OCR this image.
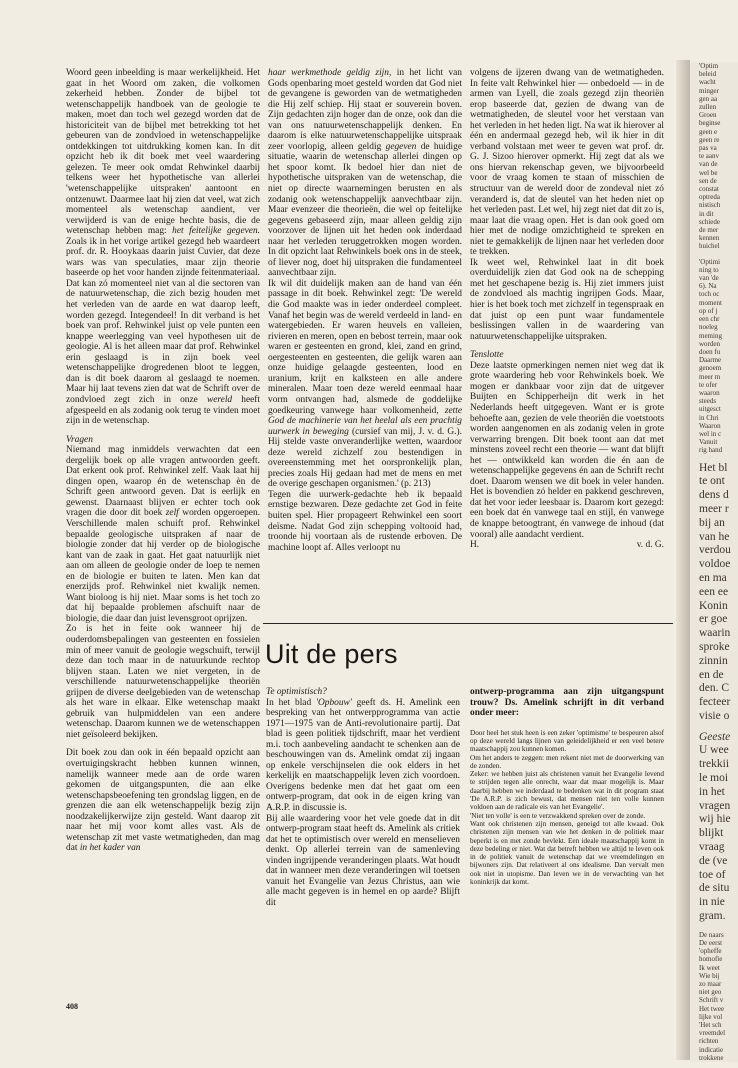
Woord geen inbeelding is maar werkelijkheid. Het gaat in het Woord om zaken, die volkomen zekerheid hebben. Zonder de bijbel tot wetenschappelijk handboek van de geologie te maken, moet dan toch wel gezegd worden dat de historiciteit van de bijbel met betrekking tot het gebeuren van de zondvloed in wetenschappelijke ontdekkingen tot uitdrukking komen kan. In dit opzicht heb ik dit boek met veel waardering gelezen. Te meer ook omdat Rehwinkel daarbij telkens weer het hypothetische van allerlei 'wetenschappelijke uitspraken' aantoont en ontzenuwt. Daarmee laat hij zien dat veel, wat zich momenteel als wetenschap aandient, ver verwijderd is van de enige hechte basis, die de wetenschap hebben mag: het feitelijke gegeven. Zoals ik in het vorige artikel gezegd heb waardeert prof. dr. R. Hooykaas daarin juist Cuvier, dat deze wars was van speculaties, maar zijn theorie baseerde op het voor handen zijnde feitenmateriaal. Dat kan zó momenteel niet van al die sectoren van de natuurwetenschap, die zich bezig houden met het verleden van de aarde en wat daarop leeft, worden gezegd. Integendeel! In dit verband is het boek van prof. Rehwinkel juist op vele punten een knappe weerlegging van veel hypothesen uit de geologie. Al is het alleen maar dat prof. Rehwinkel erin geslaagd is in zijn boek veel wetenschappelijke drogredenen bloot te leggen, dan is dit boek daarom al geslaagd te noemen. Maar hij laat tevens zien dat wat de Schrift over de zondvloed zegt zich in onze wereld heeft afgespeeld en als zodanig ook terug te vinden moet zijn in de wetenschap.

Vragen

Niemand mag inmiddels verwachten dat een dergelijk boek op alle vragen antwoorden geeft. Dat erkent ook prof. Rehwinkel zelf. Vaak laat hij dingen open, waarop én de wetenschap èn de Schrift geen antwoord geven. Dat is eerlijk en gewenst. Daarnaast blijven er echter toch ook vragen die door dit boek zelf worden opgeroepen. Verschillende malen schuift prof. Rehwinkel bepaalde geologische uitspraken af naar de biologie zonder dat hij verder op de biologische kant van de zaak in gaat. Het gaat natuurlijk niet aan om alleen de geologie onder de loep te nemen en de biologie er buiten te laten. Men kan dat enerzijds prof. Rehwinkel niet kwalijk nemen. Want bioloog is hij niet. Maar soms is het toch zo dat hij bepaalde problemen afschuift naar de biologie, die daar dan juist levensgroot oprijzen.

Zo is het in feite ook wanneer hij de ouderdomsbepalingen van gesteenten en fossielen min of meer vanuit de geologie wegschuift, terwijl deze dan toch maar in de natuurkunde rechtop blijven staan. Laten we niet vergeten, in de verschillende natuurwetenschappelijke theoriën grijpen de diverse deelgebieden van de wetenschap als het ware in elkaar. Elke wetenschap maakt gebruik van hulpmiddelen van een andere wetenschap. Daarom kunnen we de wetenschappen niet geïsoleerd bekijken.

Dit boek zou dan ook in één bepaald opzicht aan overtuigingskracht hebben kunnen winnen, namelijk wanneer mede aan de orde waren gekomen de uitgangspunten, die aan elke wetenschapsbeoefening ten grondslag liggen, en de grenzen die aan elk wetenschappelijk bezig zijn noodzakelijkerwijze zijn gesteld. Want daarop zit naar het mij voor komt alles vast. Als de wetenschap zit met vaste wetmatigheden, dan mag dat in het kader van

haar werkmethode geldig zijn, in het licht van Gods openbaring moet gesteld worden dat God niet de gevangene is geworden van de wetmatigheden die Hij zelf schiep. Hij staat er souverein boven. Zijn gedachten zijn hoger dan de onze, ook dan die van ons natuurwetenschappelijk denken. En daarom is elke natuurwetenschappelijke uitspraak zeer voorlopig, alleen geldig gegeven de huidige situatie, waarin de wetenschap allerlei dingen op het spoor komt. Ik bedoel hier dan niet de hypothetische uitspraken van de wetenschap, die niet op directe waarnemingen berusten en als zodanig ook wetenschappelijk aanvechtbaar zijn. Maar evenzeer die theorieën, die wel op feitelijke gegevens gebaseerd zijn, maar alleen geldig zijn voorzover de lijnen uit het heden ook inderdaad naar het verleden teruggetrokken mogen worden. In dit opzicht laat Rehwinkels boek ons in de steek, of liever nog, doet hij uitspraken die fundamenteel aanvechtbaar zijn.

Ik wil dit duidelijk maken aan de hand van één passage in dit boek. Rehwinkel zegt: 'De wereld die God maakte was in ieder onderdeel compleet. Vanaf het begin was de wereld verdeeld in land- en watergebieden. Er waren heuvels en valleien, rivieren en meren, open en bebost terrein, maar ook waren er gesteenten en grond, klei, zand en grind, oergesteenten en gesteenten, die gelijk waren aan onze huidige gelaagde gesteenten, lood en uranium, krijt en kalksteen en alle andere mineralen. Maar toen deze wereld eenmaal haar vorm ontvangen had, alsmede de goddelijke goedkeuring vanwege haar volkomenheid, zette God de machinerie van het heelal als een prachtig uurwerk in beweging (cursief van mij, J. v. d. G.). Hij stelde vaste onveranderlijke wetten, waardoor deze wereld zichzelf zou bestendigen in overeenstemming met het oorspronkelijk plan, precies zoals Hij gedaan had met de mens en met de overige geschapen organismen.' (p. 213)

Tegen die uurwerk-gedachte heb ik bepaald ernstige bezwaren. Deze gedachte zet God in feite buiten spel. Hier propageert Rehwinkel een soort deïsme. Nadat God zijn schepping voltooid had, troonde hij voortaan als de rustende erboven. De machine loopt af. Alles verloopt nu

volgens de ijzeren dwang van de wetmatigheden. In feite valt Rehwinkel hier — onbedoeld — in de armen van Lyell, die zoals gezegd zijn theoriën erop baseerde dat, gezien de dwang van de wetmatigheden, de sleutel voor het verstaan van het verleden in het heden ligt. Na wat ik hierover al één en andermaal gezegd heb, wil ik hier in dit verband volstaan met weer te geven wat prof. dr. G. J. Sizoo hierover opmerkt. Hij zegt dat als we ons hiervan rekenschap geven, we bijvoorbeeld voor de vraag komen te staan of misschien de structuur van de wereld door de zondeval niet zó veranderd is, dat de sleutel van het heden niet op het verleden past. Let wel, hij zegt niet dat dit zo is, maar laat die vraag open. Het is dan ook goed om hier met de nodige omzichtigheid te spreken en niet te gemakkelijk de lijnen naar het verleden door te trekken.

Ik weet wel, Rehwinkel laat in dit boek overduidelijk zien dat God ook na de schepping met het geschapene bezig is. Hij ziet immers juist de zondvloed als machtig ingrijpen Gods. Maar, hier is het boek toch met zichzelf in tegenspraak en dat juist op een punt waar fundamentele beslissingen vallen in de waardering van natuurwetenschappelijke uitspraken.

Tenslotte

Deze laatste opmerkingen nemen niet weg dat ik grote waardering heb voor Rehwinkels boek. We mogen er dankbaar voor zijn dat de uitgever Buijten en Schipperheijn dit werk in het Nederlands heeft uitgegeven. Want er is grote behoefte aan, gezien de vele theoriën die voetstoots worden aangenomen en als zodanig velen in grote verwarring brengen. Dit boek toont aan dat met minstens zoveel recht een theorie — want dat blijft het — ontwikkeld kan worden die én aan de wetenschappelijke gegevens én aan de Schrift recht doet. Daarom wensen we dit boek in veler handen. Het is bovendien zó helder en pakkend geschreven, dat het voor ieder leesbaar is. Daarom kort gezegd: een boek dat én vanwege taal en stijl, én vanwege de knappe betoogtrant, én vanwege de inhoud (dat vooral) alle aandacht verdient.

H.	v. d. G.
Uit de pers

Te optimistisch?

In het blad 'Opbouw' geeft ds. H. Amelink een bespreking van het ontwerpprogramma van actie 1971—1975 van de Anti-revolutionaire partij. Dat blad is geen politiek tijdschrift, maar het verdient m.i. toch aanbeveling aandacht te schenken aan de beschouwingen van ds. Amelink omdat zij ingaan op enkele verschijnselen die ook elders in het kerkelijk en maatschappelijk leven zich voordoen. Overigens bedenke men dat het gaat om een ontwerp-program, dat ook in de eigen kring van A.R.P. in discussie is.

Bij alle waardering voor het vele goede dat in dit ontwerp-program staat heeft ds. Amelink als critiek dat het te optimistisch over wereld en menselieven denkt. Op allerlei terrein van de samenleving vinden ingrijpende veranderingen plaats. Wat houdt dat in wanneer men deze veranderingen wil toetsen vanuit het Evangelie van Jezus Christus, aan wie alle macht gegeven is in hemel en op aarde? Blijft dit

ontwerp-programma aan zijn uitgangspunt trouw? Ds. Amelink schrijft in dit verband onder meer:

Door heel het stuk heen is een zeker 'optimisme' te bespeuren alsof op deze wereld langs lijnen van geleidelijkheid er een veel betere maatschappij zou kunnen komen.

Om het anders te zeggen: men rekent niet met de doorwerking van de zonden.

Zeker: we hebben juist als christenen vanuit het Evangelie levend te strijden tegen alle onrecht, waar dat maar mogelijk is. Maar daarbij hebben we inderdaad te bedenken wat in dit program staat 'De A.R.P. is zich bewust, dat mensen niet ten volle kunnen voldoen aan de radicale eis van het Evangelie'.

'Niet ten volle' is een te verzwakkend spreken over de zonde.

Want ook christenen zijn mensen, geneigd tot alle kwaad. Ook christenen zijn mensen van wie het denken in de politiek maar beperkt is en met zonde bevlekt. Een ideale maatschappij komt in deze bedeling er niet. Wat dat betreft hebben we altijd te leven ook in de politiek vanuit de wetenschap dat we vreemdelingen en bijwoners zijn. Dat relativeert al ons idealisme. Dan vervalt men ook niet in utopisme. Dan leven we in de verwachting van het koninkrijk dat komt.

408
'Optim
beleid
wacht
minger
gen aa
zullen
Groen
beginse
geen e
geen re
pas va
te aanv
van de
wel be
sen de
constat
optreda
nistisch
in dit
schiede
de mer
kennen
huichel
'Optimi
ning to
van 'de
6). Na
toch oc
moment
op of j
een chr
noeleg
meming
worden
doen fu
Daarme
genoem
meer m
te ofer
waaron
steeds
uitgesct
in Chri
Waaron
wel in c
Vanuit
rig hand
Het bl
te ont
dens d
meer r
bij an
van he
verdou
voldoe
en ma
een ee
Konin
er goe
waarin
sproke
zinnin
en de
den. C
fecteer
visie o
Geeste
U wee
trekkii
le moi
in het
vragen
wij hie
blijkt
vraag
de (ve
toe of
de situ
in nie
gram.
De naars
De eerst
'opheffe
homofie
Ik weet
Wie bij
zo maar
niet geo
Schrift v
Het twee
lijke vol
'Het sch
vreemdel
richten
indicatie
trokkene
